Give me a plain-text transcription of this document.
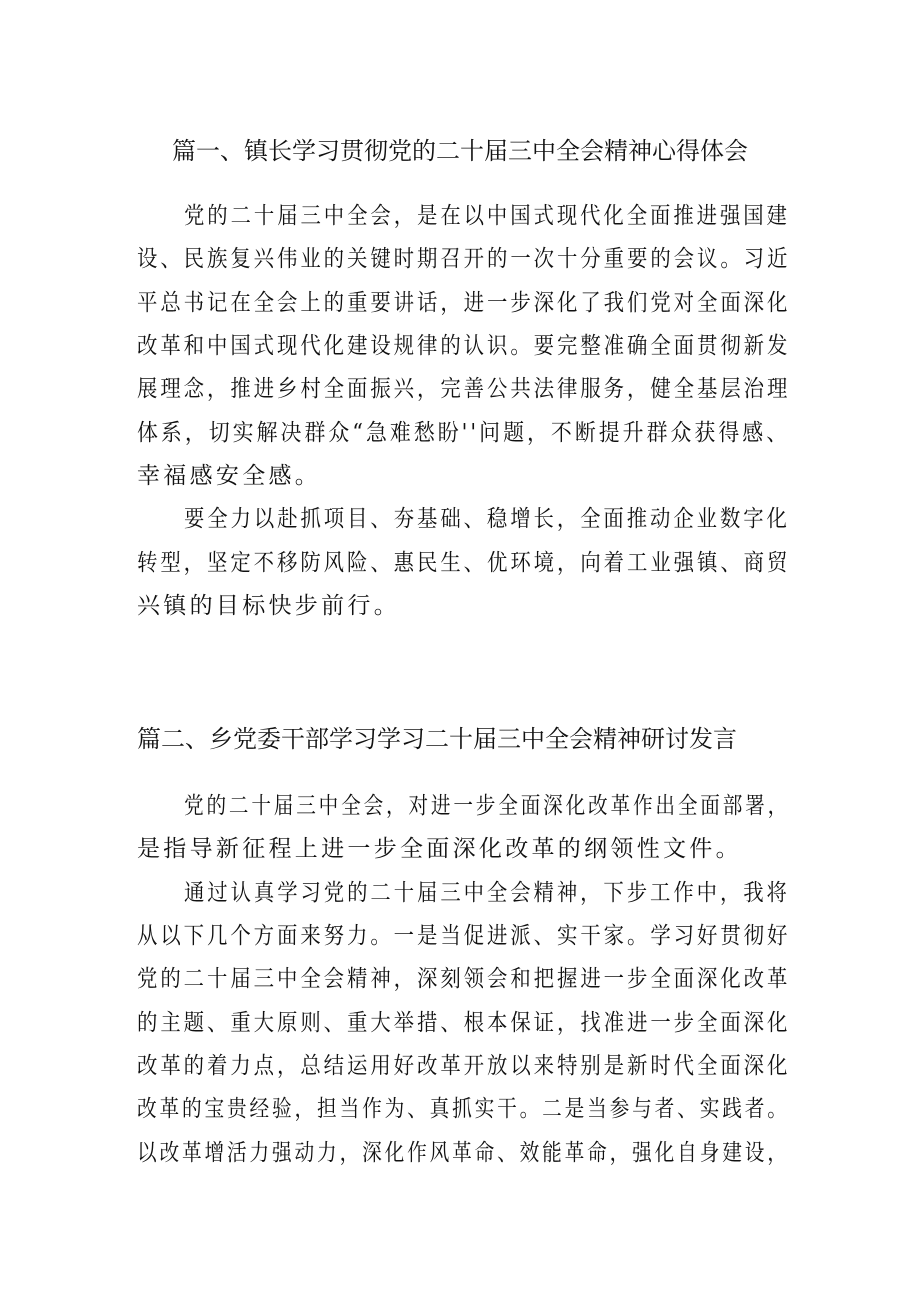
篇一、镇长学习贯彻党的二十届三中全会精神心得体会

党的二十届三中全会，是在以中国式现代化全面推进强国建

设、民族复兴伟业的关键时期召开的一次十分重要的会议。习近

平总书记在全会上的重要讲话，进一步深化了我们党对全面深化

改革和中国式现代化建设规律的认识。要完整准确全面贯彻新发

展理念，推进乡村全面振兴，完善公共法律服务，健全基层治理

体系，切实解决群众“急难愁盼''问题，不断提升群众获得感、

幸福感安全感。

要全力以赴抓项目、夯基础、稳增长，全面推动企业数字化

转型，坚定不移防风险、惠民生、优环境，向着工业强镇、商贸

兴镇的目标快步前行。

篇二、乡党委干部学习学习二十届三中全会精神研讨发言

党的二十届三中全会，对进一步全面深化改革作出全面部署，

是指导新征程上进一步全面深化改革的纲领性文件。

通过认真学习党的二十届三中全会精神，下步工作中，我将

从以下几个方面来努力。一是当促进派、实干家。学习好贯彻好

党的二十届三中全会精神，深刻领会和把握进一步全面深化改革

的主题、重大原则、重大举措、根本保证，找准进一步全面深化

改革的着力点，总结运用好改革开放以来特别是新时代全面深化

改革的宝贵经验，担当作为、真抓实干。二是当参与者、实践者。

以改革增活力强动力，深化作风革命、效能革命，强化自身建设，
